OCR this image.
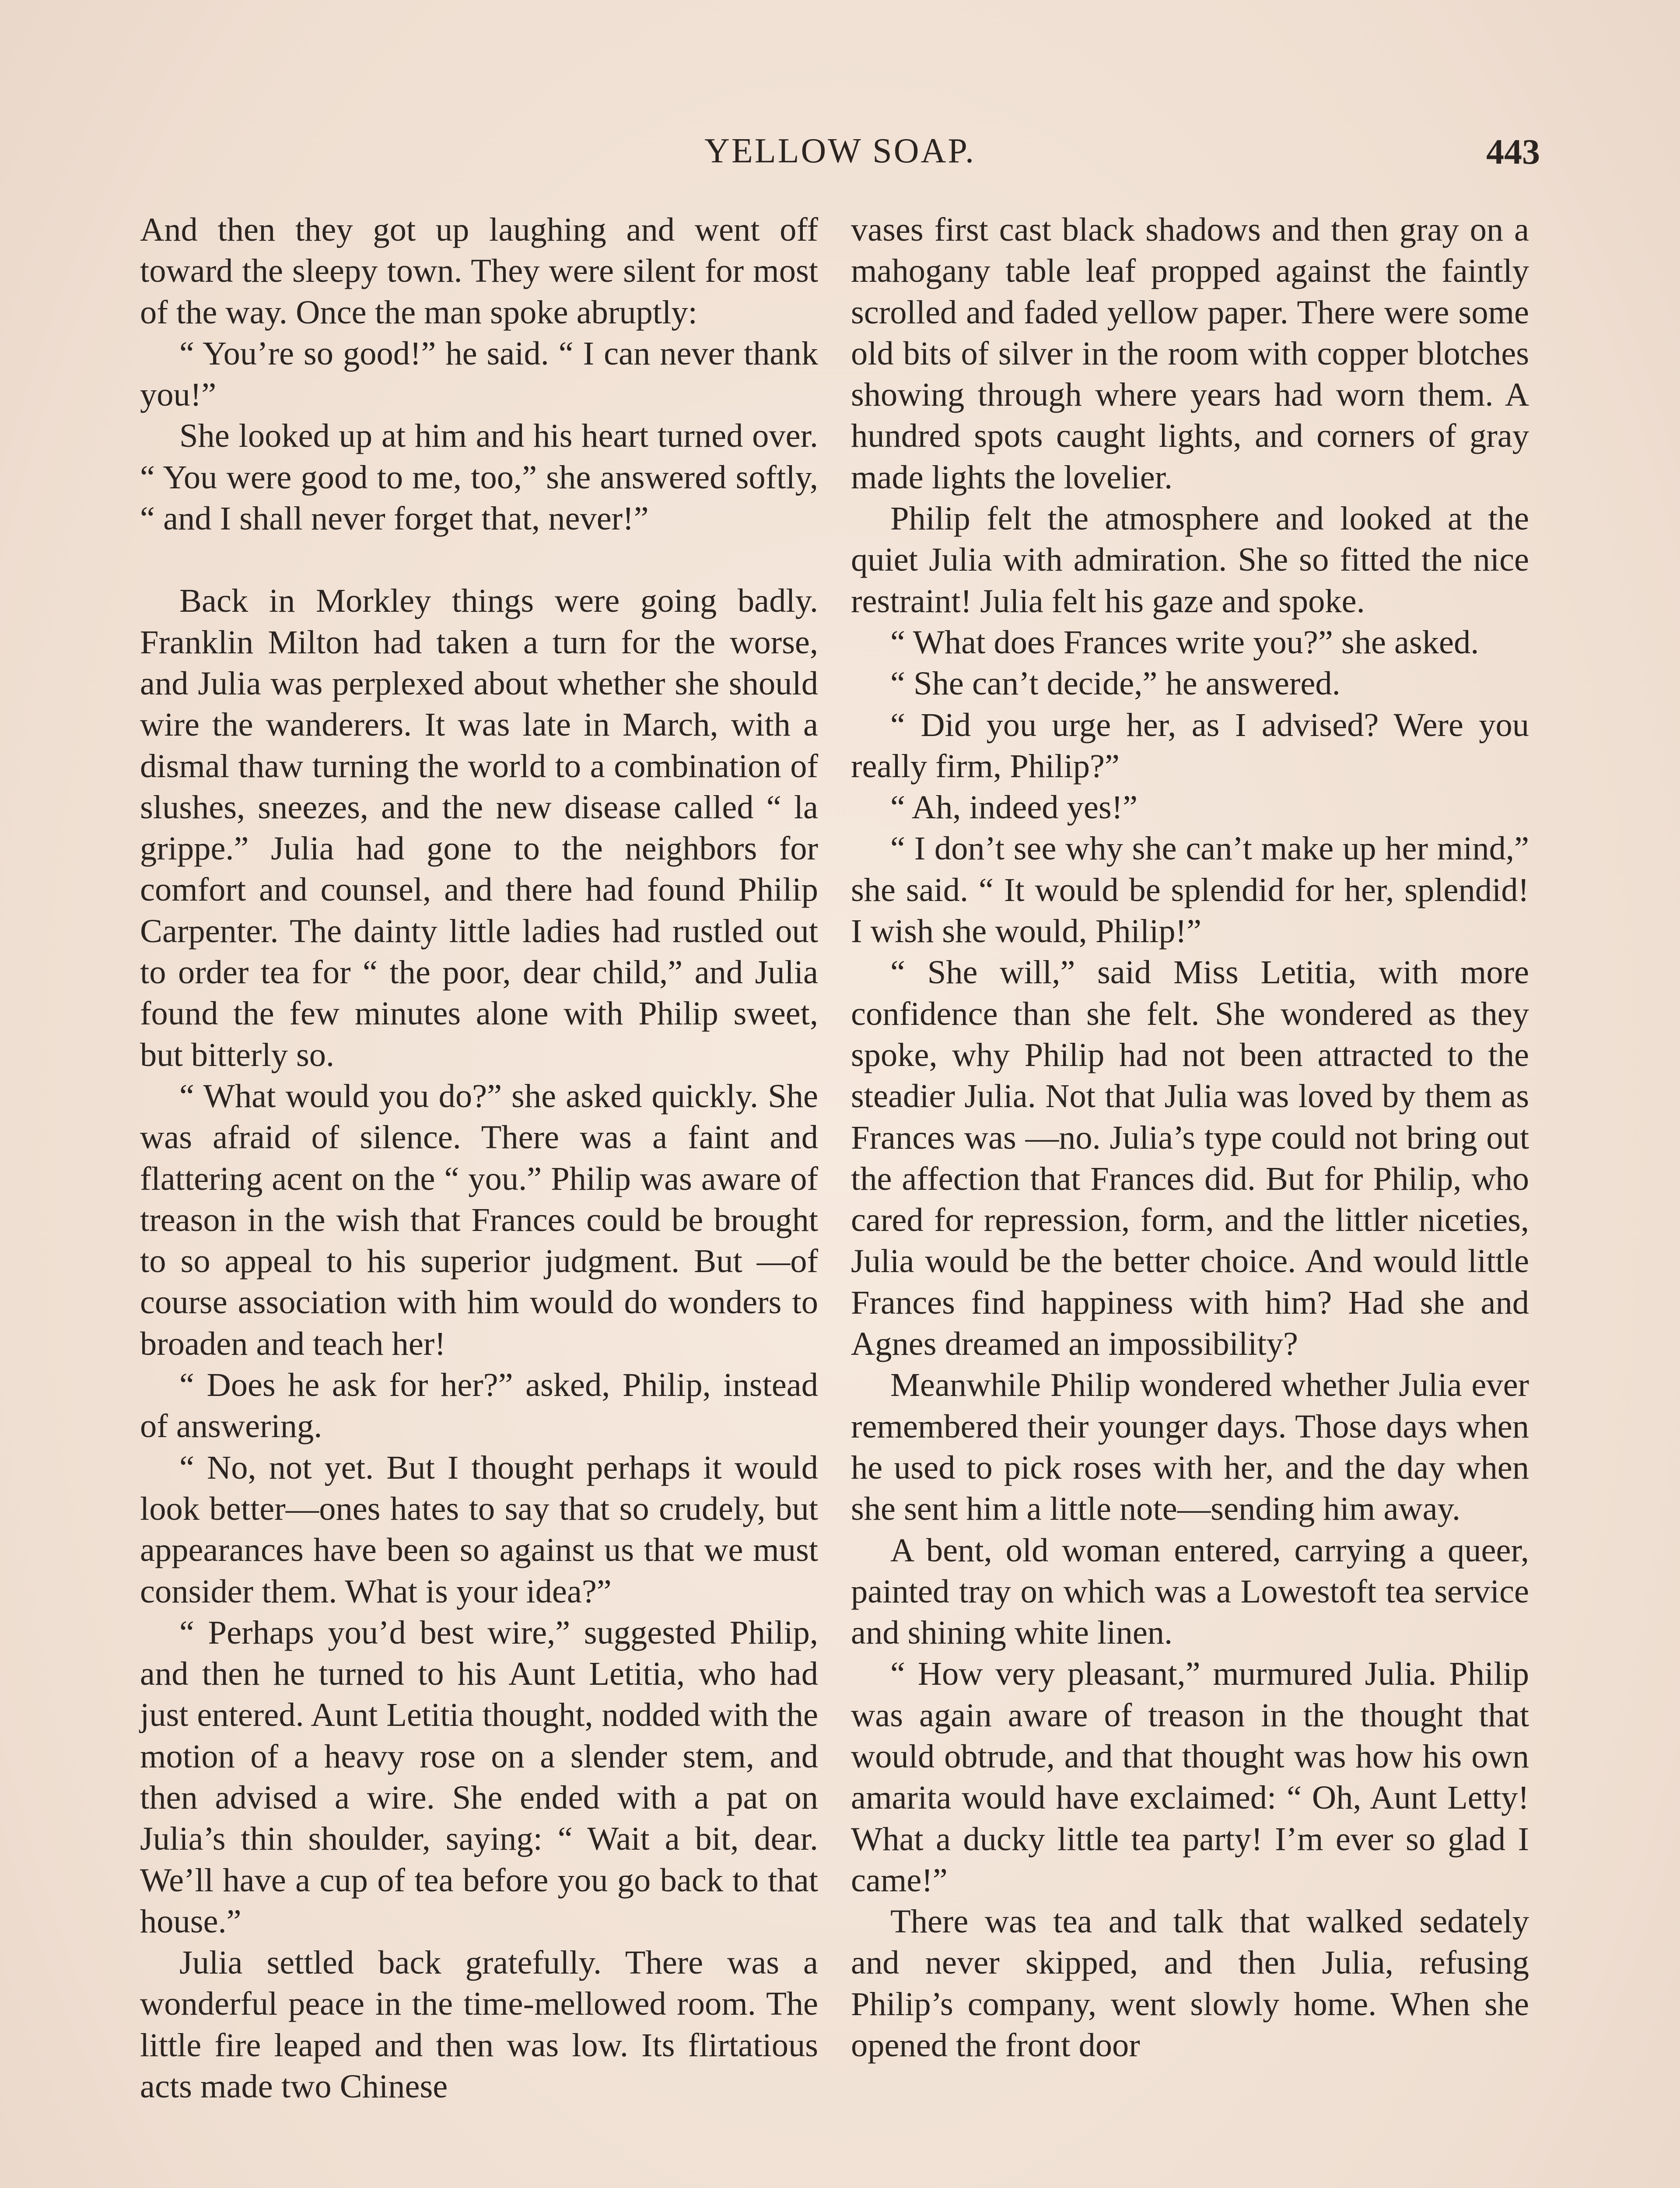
YELLOW SOAP.	443

And then they got up laughing and went off toward the sleepy town. They were silent for most of the way. Once the man spoke abruptly:

“ You’re so good!” he said. “ I can never thank you!”

She looked up at him and his heart turned over. “ You were good to me, too,” she answered softly, “ and I shall never forget that, never!”

Back in Morkley things were going badly. Franklin Milton had taken a turn for the worse, and Julia was perplexed about whether she should wire the wanderers. It was late in March, with a dismal thaw turning the world to a combination of slushes, sneezes, and the new disease called “ la grippe.” Julia had gone to the neighbors for comfort and counsel, and there had found Philip Carpenter. The dainty little ladies had rustled out to order tea for “ the poor, dear child,” and Julia found the few minutes alone with Philip sweet, but bitterly so.

“ What would you do?” she asked quickly. She was afraid of silence. There was a faint and flattering acent on the “ you.” Philip was aware of treason in the wish that Frances could be brought to so appeal to his superior judgment. But —of course association with him would do wonders to broaden and teach her!

“ Does he ask for her?” asked, Philip, instead of answering.

“ No, not yet. But I thought perhaps it would look better—ones hates to say that so crudely, but appearances have been so against us that we must consider them. What is your idea?”

“ Perhaps you’d best wire,” suggested Philip, and then he turned to his Aunt Letitia, who had just entered. Aunt Letitia thought, nodded with the motion of a heavy rose on a slender stem, and then advised a wire. She ended with a pat on Julia’s thin shoulder, saying: “ Wait a bit, dear. We’ll have a cup of tea before you go back to that house.”

Julia settled back gratefully. There was a wonderful peace in the time-mellowed room. The little fire leaped and then was low. Its flirtatious acts made two Chinese

vases first cast black shadows and then gray on a mahogany table leaf propped against the faintly scrolled and faded yellow paper. There were some old bits of silver in the room with copper blotches showing through where years had worn them. A hundred spots caught lights, and corners of gray made lights the lovelier.

Philip felt the atmosphere and looked at the quiet Julia with admiration. She so fitted the nice restraint! Julia felt his gaze and spoke.

“ What does Frances write you?” she asked.

“ She can’t decide,” he answered.

“ Did you urge her, as I advised? Were you really firm, Philip?”

“ Ah, indeed yes!”

“ I don’t see why she can’t make up her mind,” she said. “ It would be splendid for her, splendid! I wish she would, Philip!”

“ She will,” said Miss Letitia, with more confidence than she felt. She wondered as they spoke, why Philip had not been attracted to the steadier Julia. Not that Julia was loved by them as Frances was —no. Julia’s type could not bring out the affection that Frances did. But for Philip, who cared for repression, form, and the littler niceties, Julia would be the better choice. And would little Frances find happiness with him? Had she and Agnes dreamed an impossibility?

Meanwhile Philip wondered whether Julia ever remembered their younger days. Those days when he used to pick roses with her, and the day when she sent him a little note—sending him away.

A bent, old woman entered, carrying a queer, painted tray on which was a Lowestoft tea service and shining white linen.

“ How very pleasant,” murmured Julia. Philip was again aware of treason in the thought that would obtrude, and that thought was how his own amarita would have exclaimed: “ Oh, Aunt Letty! What a ducky little tea party! I’m ever so glad I came!”

There was tea and talk that walked sedately and never skipped, and then Julia, refusing Philip’s company, went slowly home. When she opened the front door
